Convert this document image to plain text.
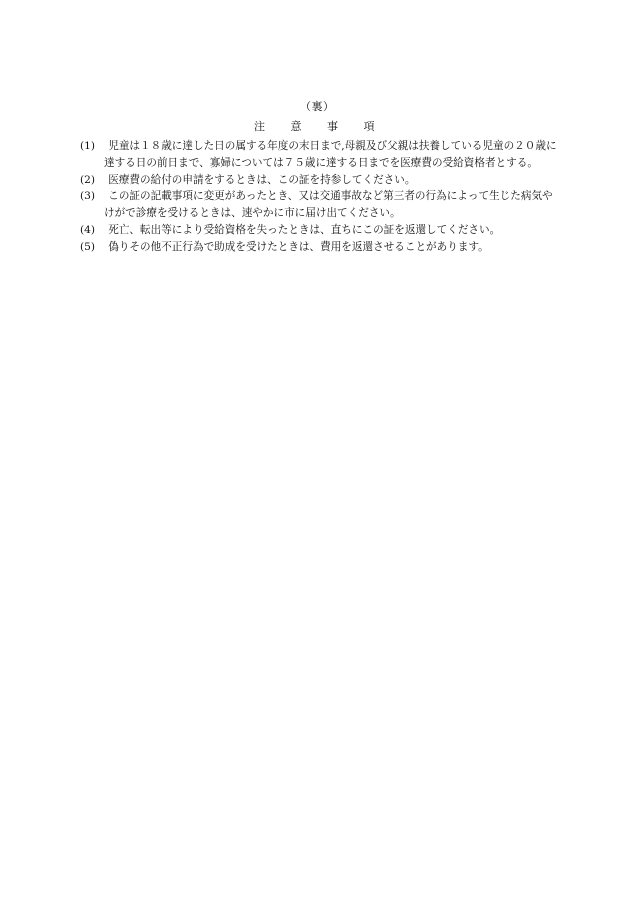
（裏）
注 意 事 項
(1)	児童は１８歳に達した日の属する年度の末日まで,母親及び父親は扶養している児童の２０歳に達する日の前日まで、寡婦については７５歳に達する日までを医療費の受給資格者とする。
(2)	医療費の給付の申請をするときは、この証を持参してください。
(3)	この証の記載事項に変更があったとき、又は交通事故など第三者の行為によって生じた病気やけがで診療を受けるときは、速やかに市に届け出てください。
(4)	死亡、転出等により受給資格を失ったときは、直ちにこの証を返還してください。
(5)	偽りその他不正行為で助成を受けたときは、費用を返還させることがあります。
